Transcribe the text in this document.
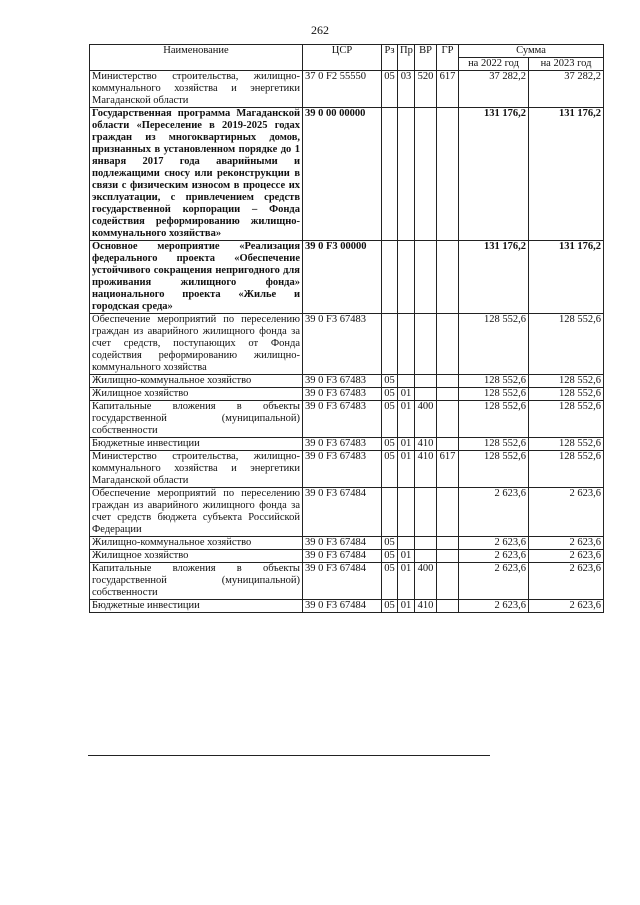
262
Наименование	ЦСР	Рз	Пр	ВР	ГР	Сумма	
						на 2022 год	на 2023 год
Министерство строительства, жилищно-коммунального хозяйства и энергетики Магаданской области	37 0 F2 55550	05	03	520	617	37 282,2	37 282,2
Государственная программа Магаданской области «Переселение в 2019-2025 годах граждан из многоквартирных домов, признанных в установленном порядке до 1 января 2017 года аварийными и подлежащими сносу или реконструкции в связи с физическим износом в процессе их эксплуатации, с привлечением средств государственной корпорации – Фонда содействия реформированию жилищно-коммунального хозяйства»	39 0 00 00000					131 176,2	131 176,2
Основное мероприятие «Реализация федерального проекта «Обеспечение устойчивого сокращения непригодного для проживания жилищного фонда» национального проекта «Жилье и городская среда»	39 0 F3 00000					131 176,2	131 176,2
Обеспечение мероприятий по переселению граждан из аварийного жилищного фонда за счет средств, поступающих от Фонда содействия реформированию жилищно-коммунального хозяйства	39 0 F3 67483					128 552,6	128 552,6
Жилищно-коммунальное хозяйство	39 0 F3 67483	05				128 552,6	128 552,6
Жилищное хозяйство	39 0 F3 67483	05	01			128 552,6	128 552,6
Капитальные вложения в объекты государственной (муниципальной) собственности	39 0 F3 67483	05	01	400		128 552,6	128 552,6
Бюджетные инвестиции	39 0 F3 67483	05	01	410		128 552,6	128 552,6
Министерство строительства, жилищно-коммунального хозяйства и энергетики Магаданской области	39 0 F3 67483	05	01	410	617	128 552,6	128 552,6
Обеспечение мероприятий по переселению граждан из аварийного жилищного фонда за счет средств бюджета субъекта Российской Федерации	39 0 F3 67484					2 623,6	2 623,6
Жилищно-коммунальное хозяйство	39 0 F3 67484	05				2 623,6	2 623,6
Жилищное хозяйство	39 0 F3 67484	05	01			2 623,6	2 623,6
Капитальные вложения в объекты государственной (муниципальной) собственности	39 0 F3 67484	05	01	400		2 623,6	2 623,6
Бюджетные инвестиции	39 0 F3 67484	05	01	410		2 623,6	2 623,6
